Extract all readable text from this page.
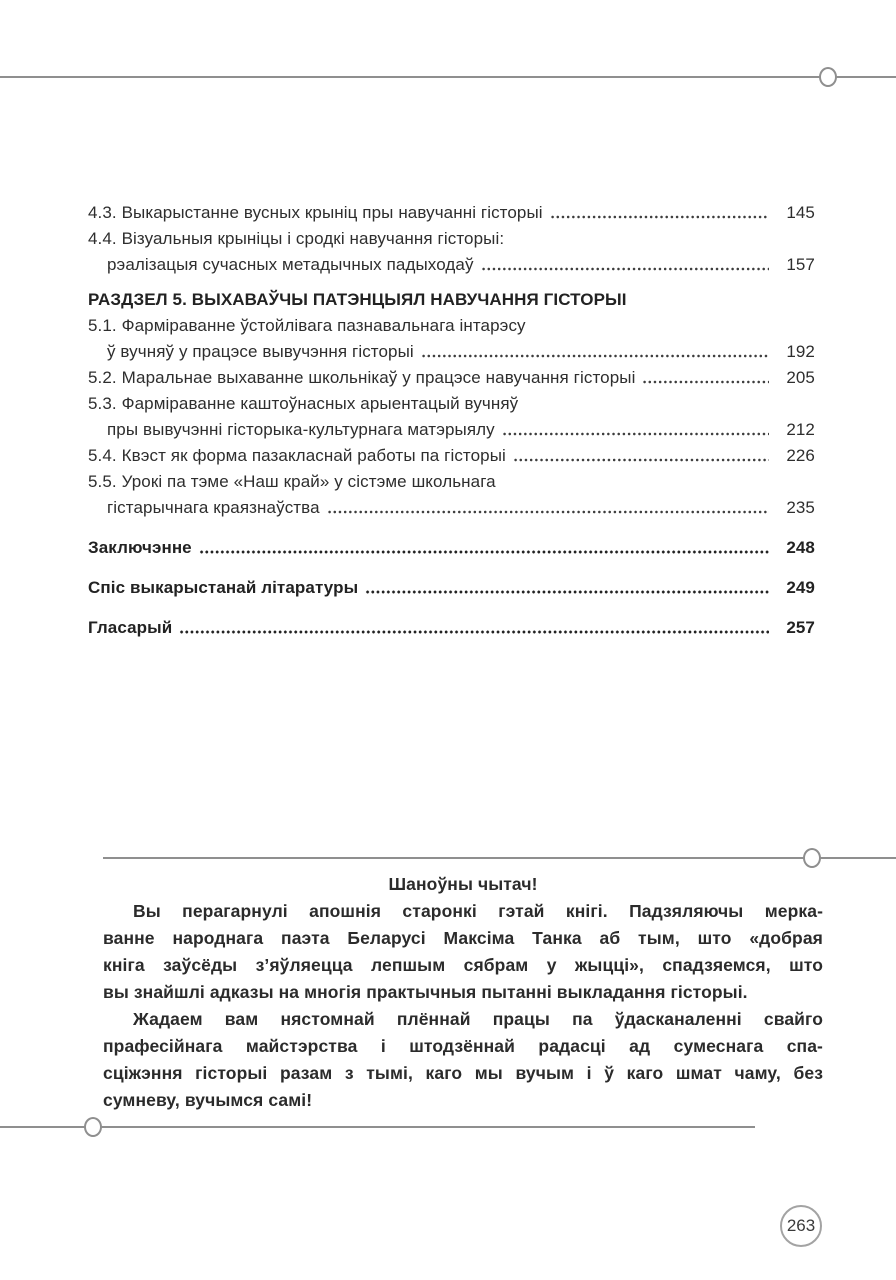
4.3. Выкарыстанне вусных крыніц пры навучанні гісторыі	145
4.4. Візуальныя крыніцы і сродкі навучання гісторыі:
рэалізацыя сучасных метадычных падыходаў	157
РАЗДЗЕЛ 5. ВЫХАВАЎЧЫ ПАТЭНЦЫЯЛ НАВУЧАННЯ ГІСТОРЫІ
5.1. Фарміраванне ўстойлівага пазнавальнага інтарэсу
ў вучняў у працэсе вывучэння гісторыі	192
5.2. Маральнае выхаванне школьнікаў у працэсе навучання гісторыі	205
5.3. Фарміраванне каштоўнасных арыентацый вучняў
пры вывучэнні гісторыка-культурнага матэрыялу	212
5.4. Квэст як форма пазакласнай работы па гісторыі	226
5.5. Урокі па тэме «Наш край» у сістэме школьнага
гістарычнага краязнаўства	235
Заключэнне	248
Спіс выкарыстанай літаратуры	249
Гласарый	257
Шаноўны чытач!
Вы перагарнулі апошнія старонкі гэтай кнігі. Падзяляючы мерка-
ванне народнага паэта Беларусі Максіма Танка аб тым, што «добрая
кніга заўсёды з’яўляецца лепшым сябрам у жыцці», спадзяемся, што
вы знайшлі адказы на многія практычныя пытанні выкладання гісторыі.
Жадаем вам нястомнай плённай працы па ўдасканаленні свайго
прафесійнага майстэрства і штодзённай радасці ад сумеснага спа-
сціжэння гісторыі разам з тымі, каго мы вучым і ў каго шмат чаму, без
сумневу, вучымся самі!
263
